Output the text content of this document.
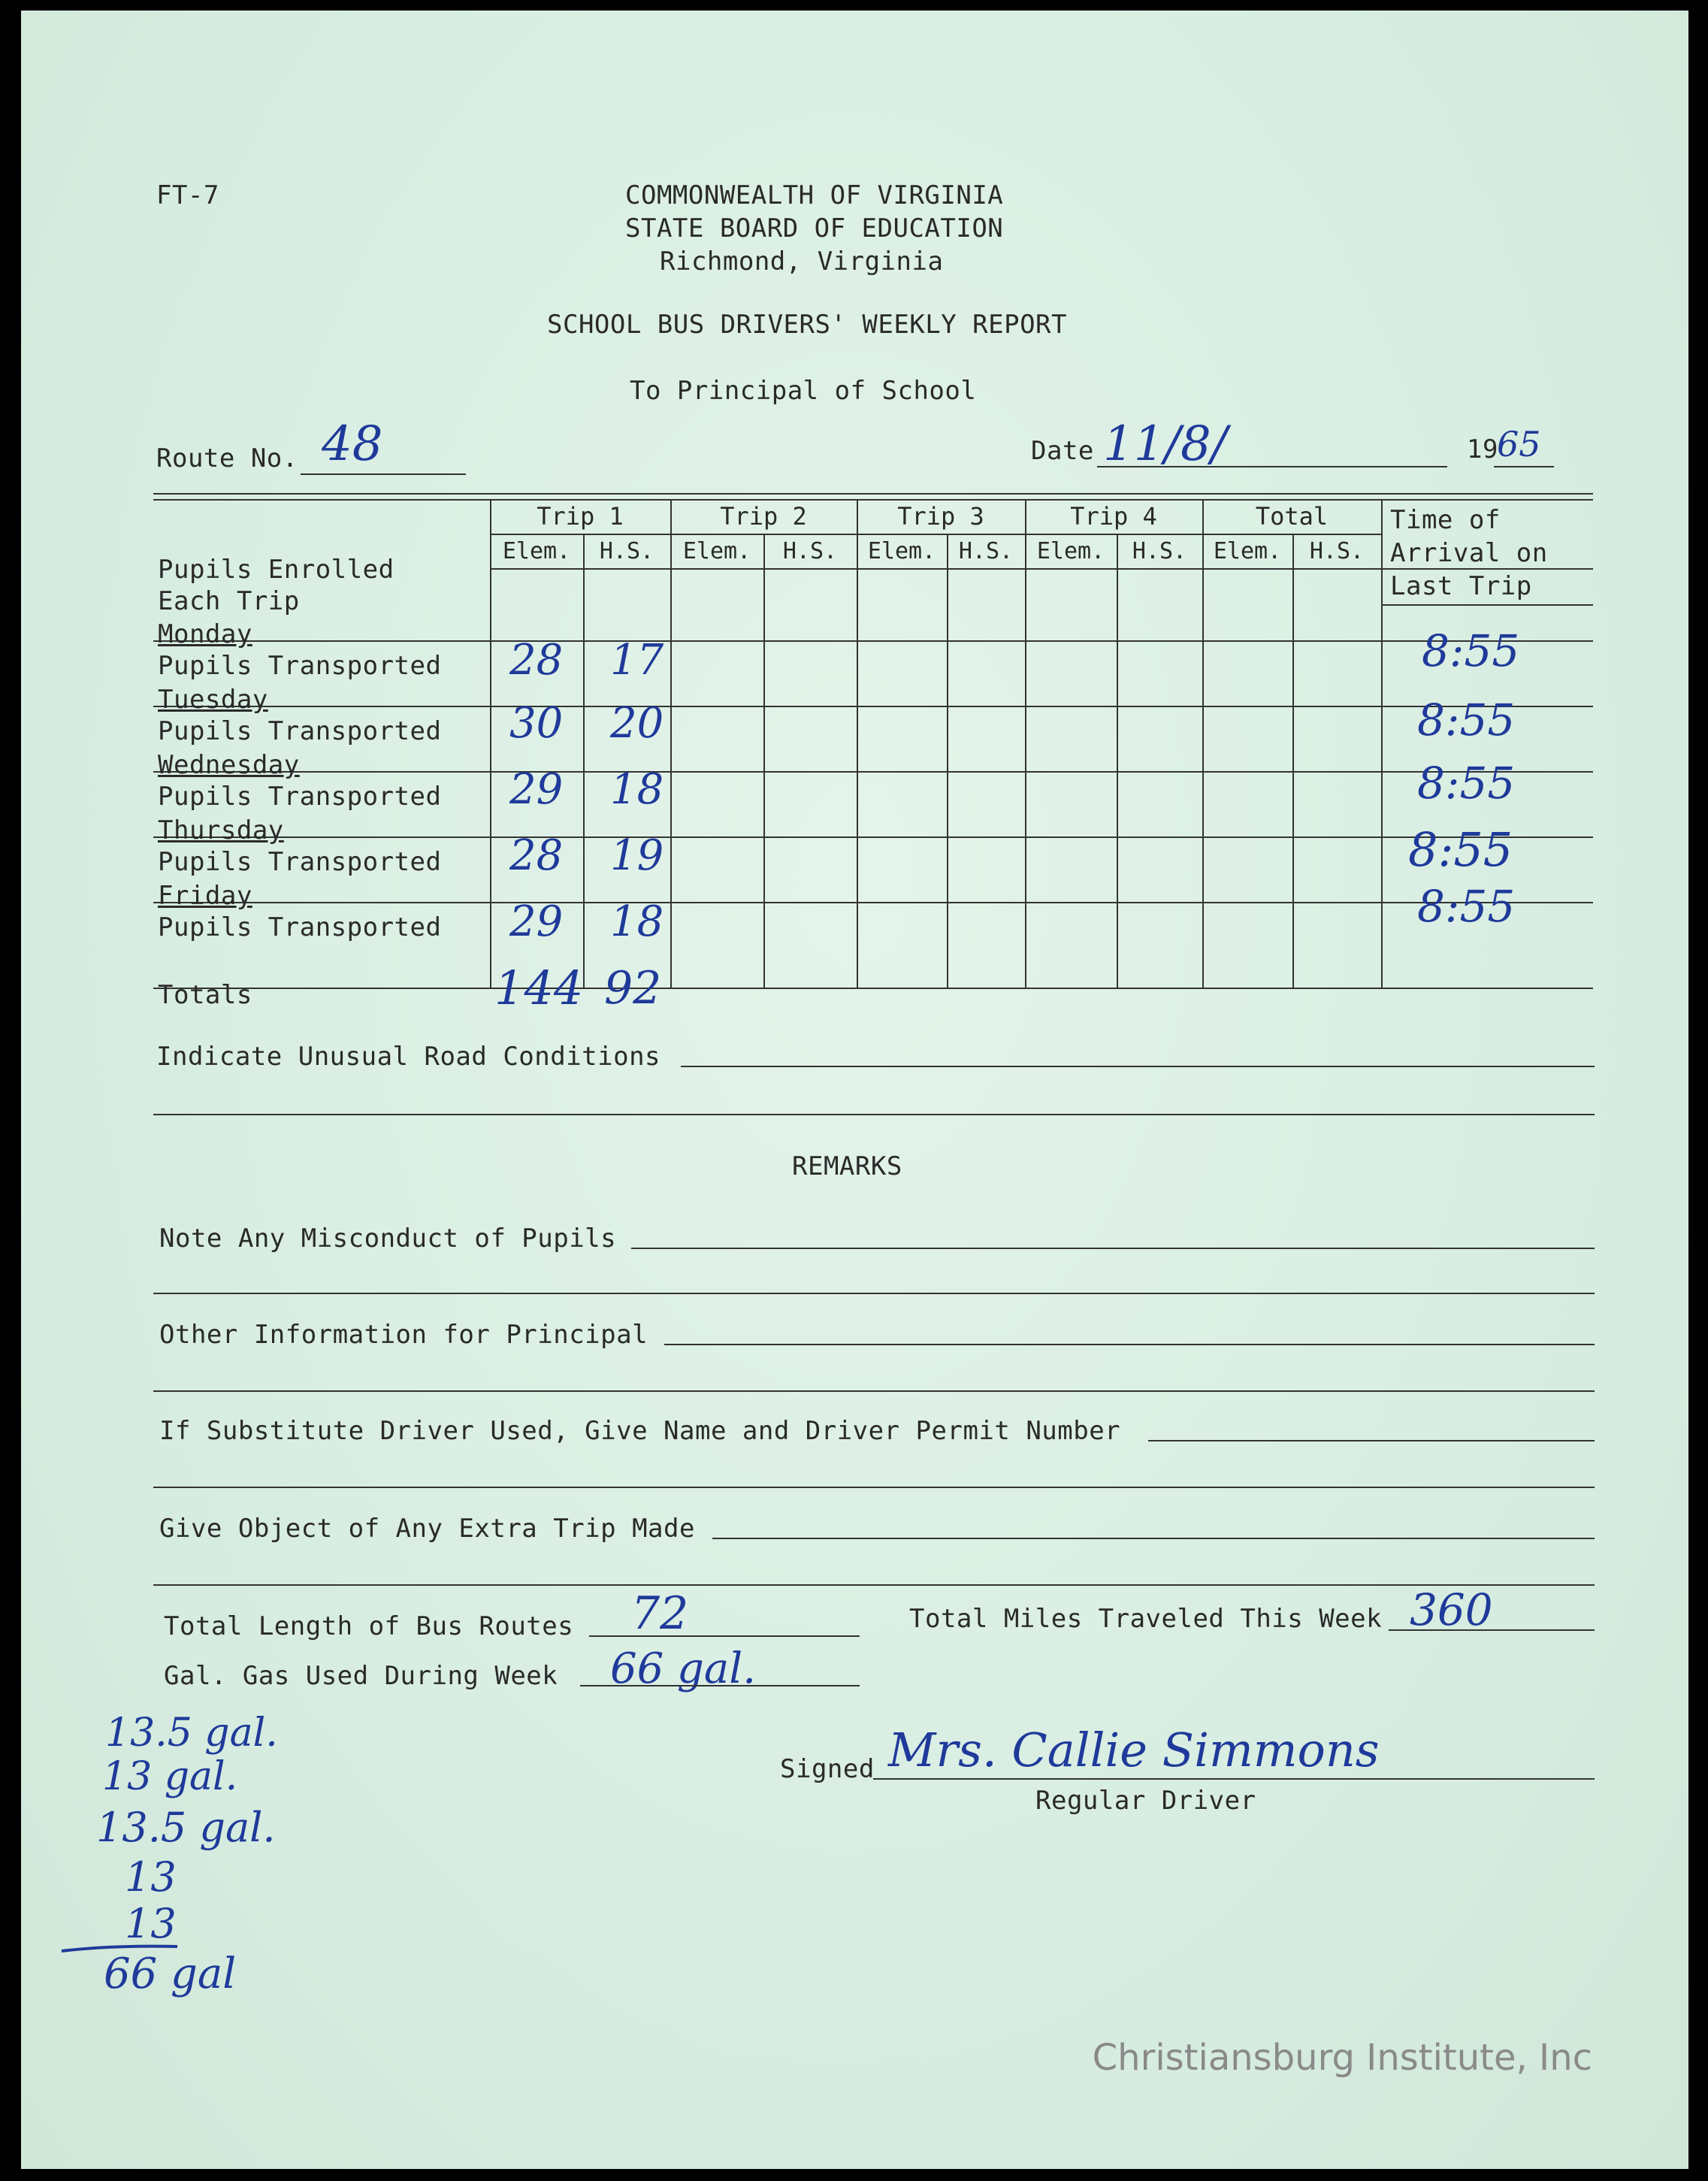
FT-7	COMMONWEALTH OF VIRGINIA
STATE BOARD OF EDUCATION
Richmond, Virginia
SCHOOL BUS DRIVERS' WEEKLY REPORT
To Principal of School
Route No. 48	Date 11/8/	19
65
Trip 1	Trip 2	Trip 3	Trip 4	Total
Elem.	H.S.	Elem.	H.S.	Elem.	H.S.	Elem.	H.S.	Elem.	H.S.
Time of
Arrival on
Last Trip
Pupils Enrolled
Each Trip
Monday
Pupils Transported 28 17	8:55
Tuesday
Pupils Transported 30 20	8:55
Wednesday
Pupils Transported 29 18	8:55
Thursday
Pupils Transported 28 19	8:55
Friday
Pupils Transported 29 18	8:55
Totals	144 92
Indicate Unusual Road Conditions
REMARKS
Note Any Misconduct of Pupils
Other Information for Principal
If Substitute Driver Used, Give Name and Driver Permit Number
Give Object of Any Extra Trip Made
Total Length of Bus Routes 72	Total Miles Traveled This Week 360
Gal. Gas Used During Week 66 gal.
Signed Mrs. Callie Simmons
Regular Driver
13.5 gal.
13 gal.
13.5 gal.
13
13
66 gal
Christiansburg Institute, Inc
